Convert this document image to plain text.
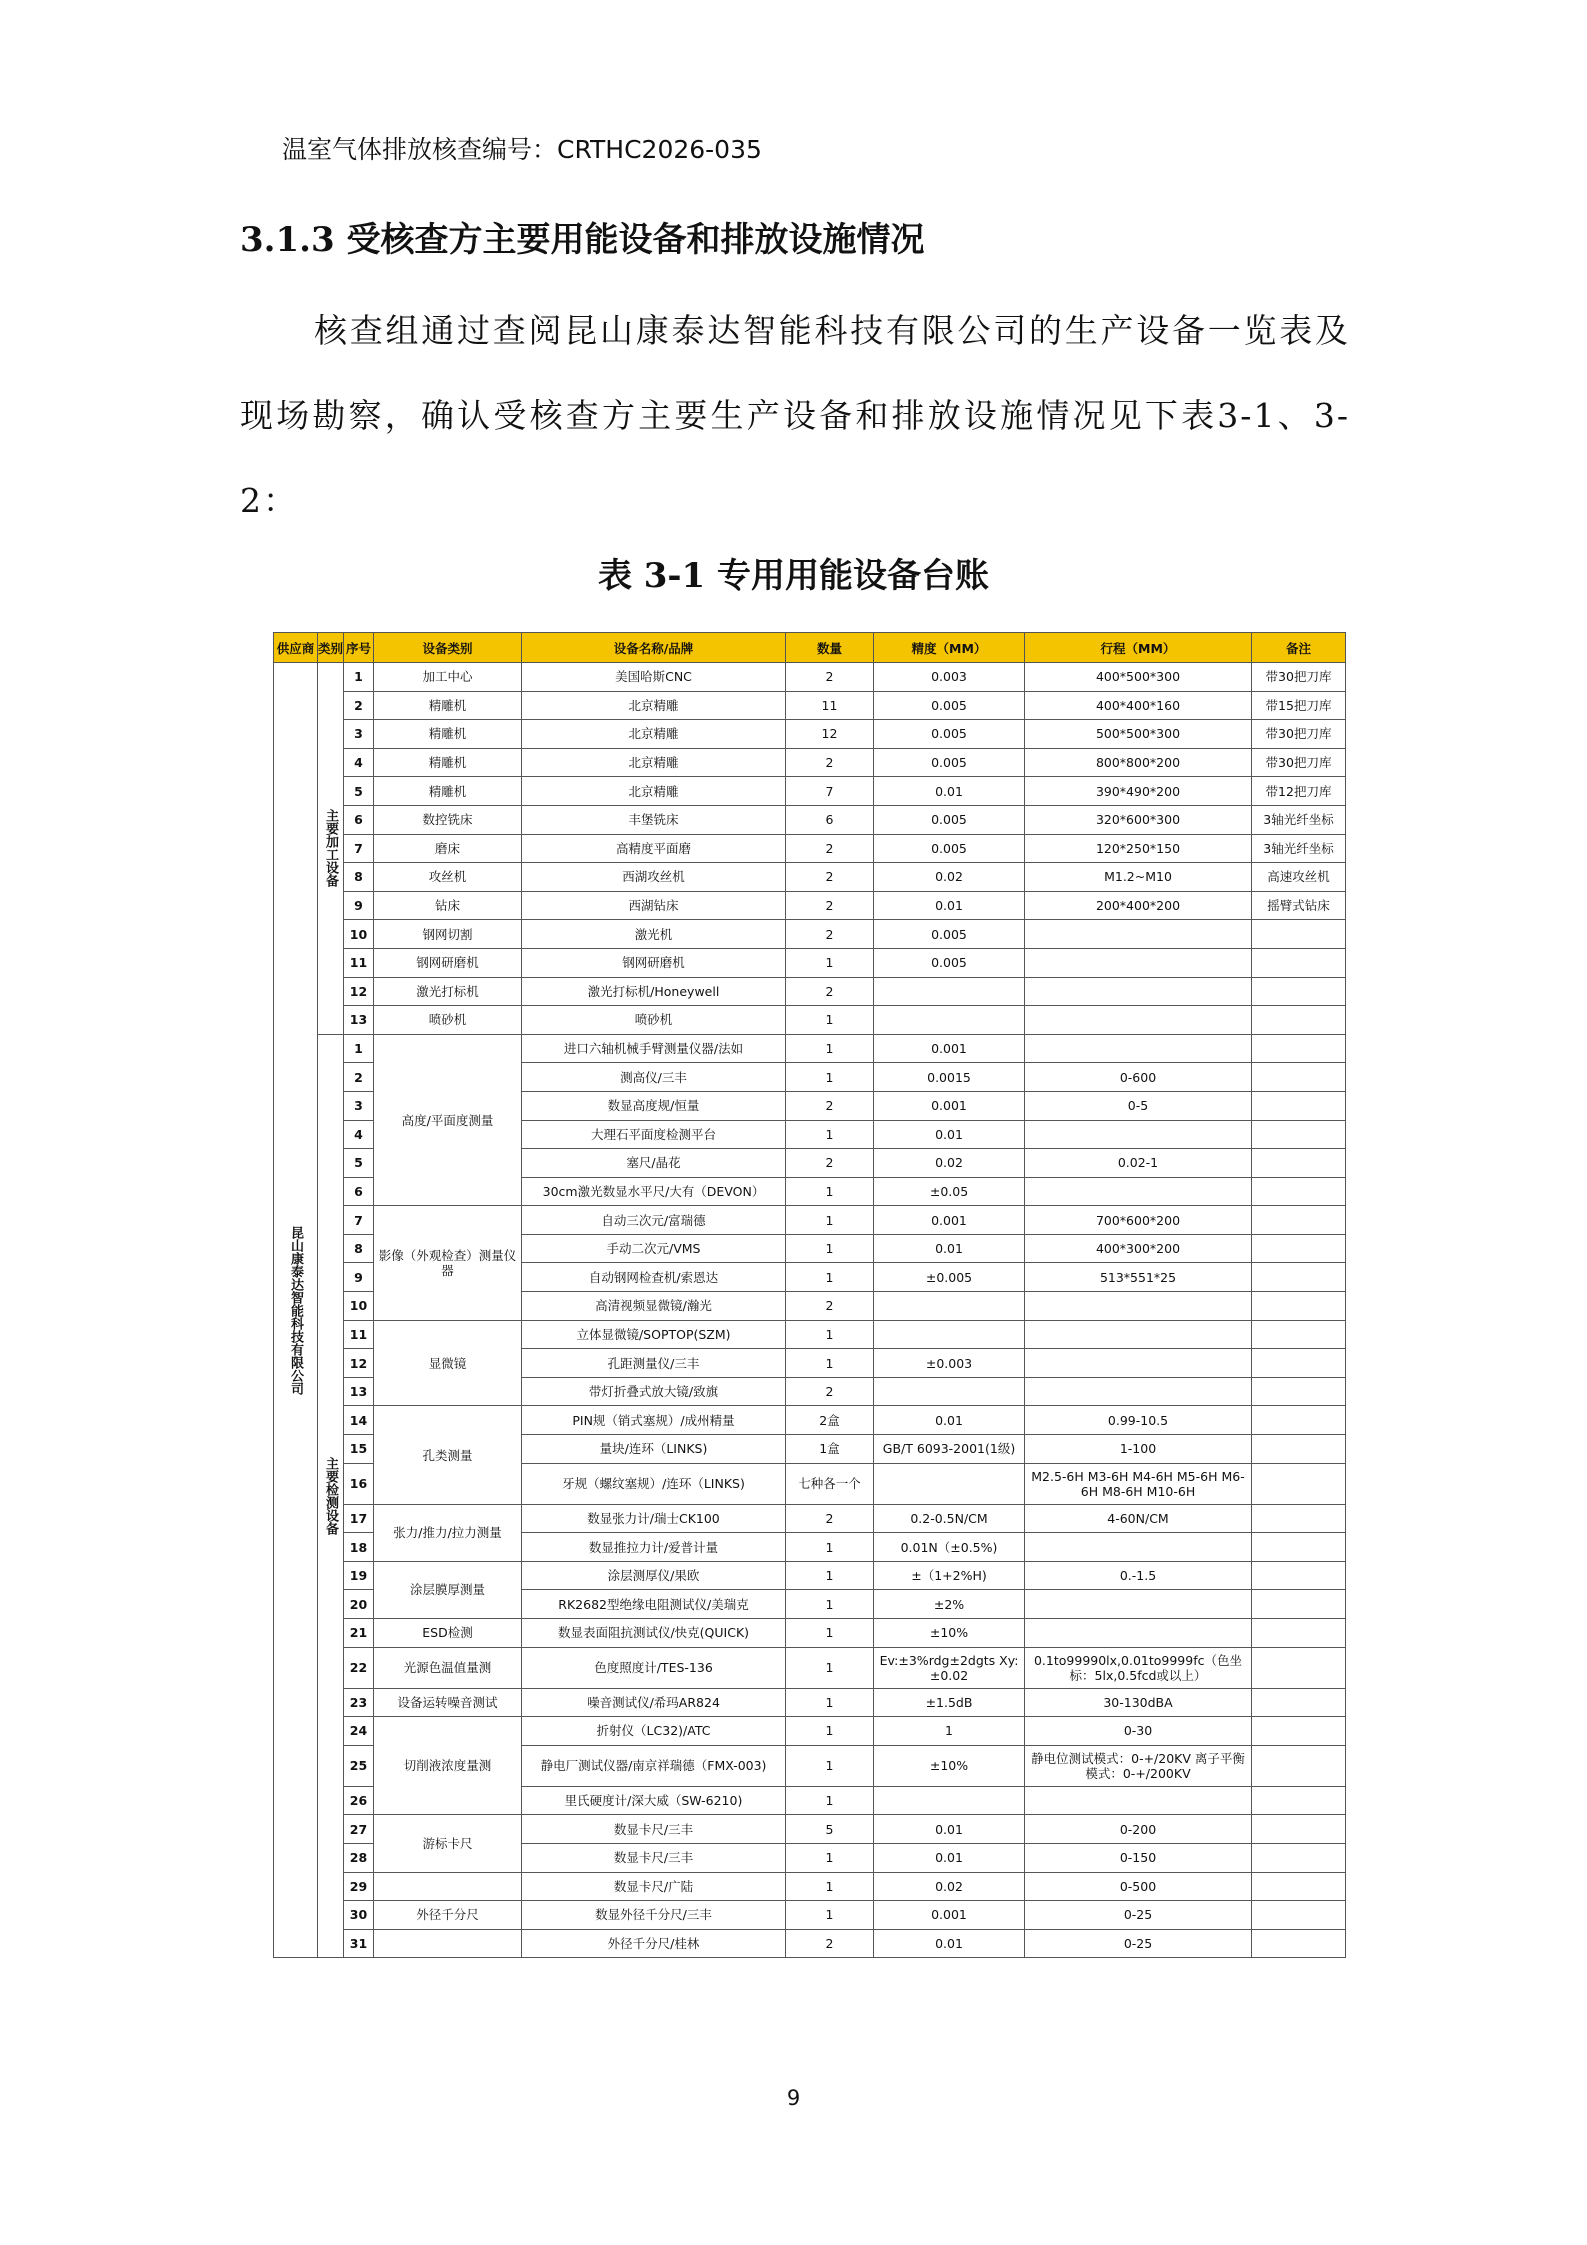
温室气体排放核查编号：CRTHC2026-035
3.1.3 受核查方主要用能设备和排放设施情况

核查组通过查阅昆山康泰达智能科技有限公司的生产设备一览表及现场勘察，确认受核查方主要生产设备和排放设施情况见下表3-1、3-2：

表 3-1 专用用能设备台账
供应商	类别	序号	设备类别	设备名称/品牌	数量	精度（MM）	行程（MM）	备注
昆山康泰达智能科技有限公司	主要加工设备	1	加工中心	美国哈斯CNC	2	0.003	400*500*300	带30把刀库
		2	精雕机	北京精雕	11	0.005	400*400*160	带15把刀库
		3	精雕机	北京精雕	12	0.005	500*500*300	带30把刀库
		4	精雕机	北京精雕	2	0.005	800*800*200	带30把刀库
		5	精雕机	北京精雕	7	0.01	390*490*200	带12把刀库
		6	数控铣床	丰堡铣床	6	0.005	320*600*300	3轴光纤坐标
		7	磨床	高精度平面磨	2	0.005	120*250*150	3轴光纤坐标
		8	攻丝机	西湖攻丝机	2	0.02	M1.2~M10	高速攻丝机
		9	钻床	西湖钻床	2	0.01	200*400*200	摇臂式钻床
		10	钢网切割	激光机	2	0.005		
		11	钢网研磨机	钢网研磨机	1	0.005		
		12	激光打标机	激光打标机/Honeywell	2			
		13	喷砂机	喷砂机	1			
	主要检测设备	1	高度/平面度测量	进口六轴机械手臂测量仪器/法如	1	0.001		
		2		测高仪/三丰	1	0.0015	0-600	
		3		数显高度规/恒量	2	0.001	0-5	
		4		大理石平面度检测平台	1	0.01		
		5		塞尺/晶花	2	0.02	0.02-1	
		6		30cm激光数显水平尺/大有（DEVON）	1	±0.05		
		7	影像（外观检查）测量仪器	自动三次元/富瑞德	1	0.001	700*600*200	
		8		手动二次元/VMS	1	0.01	400*300*200	
		9		自动钢网检查机/索恩达	1	±0.005	513*551*25	
		10		高清视频显微镜/瀚光	2			
		11	显微镜	立体显微镜/SOPTOP(SZM)	1			
		12		孔距测量仪/三丰	1	±0.003		
		13		带灯折叠式放大镜/致旗	2			
		14	孔类测量	PIN规（销式塞规）/成州精量	2盒	0.01	0.99-10.5	
		15		量块/连环（LINKS)	1盒	GB/T 6093-2001(1级)	1-100	
		16		牙规（螺纹塞规）/连环（LINKS)	七种各一个		M2.5-6H M3-6H M4-6H M5-6H M6-6H M8-6H M10-6H	
		17	张力/推力/拉力测量	数显张力计/瑞士CK100	2	0.2-0.5N/CM	4-60N/CM	
		18		数显推拉力计/爱普计量	1	0.01N（±0.5%)		
		19	涂层膜厚测量	涂层测厚仪/果欧	1	±（1+2%H)	0.-1.5	
		20		RK2682型绝缘电阻测试仪/美瑞克	1	±2%		
		21	ESD检测	数显表面阻抗测试仪/快克(QUICK)	1	±10%		
		22	光源色温值量测	色度照度计/TES-136	1	Ev:±3%rdg±2dgts Xy:±0.02	0.1to99990lx,0.01to9999fc（色坐标：5lx,0.5fcd或以上）	
		23	设备运转噪音测试	噪音测试仪/希玛AR824	1	±1.5dB	30-130dBA	
		24	切削液浓度量测	折射仪（LC32)/ATC	1	1	0-30	
		25		静电厂测试仪器/南京祥瑞德（FMX-003)	1	±10%	静电位测试模式：0-+/20KV 离子平衡模式：0-+/200KV	
		26		里氏硬度计/深大威（SW-6210)	1			
		27	游标卡尺	数显卡尺/三丰	5	0.01	0-200	
		28		数显卡尺/三丰	1	0.01	0-150	
		29		数显卡尺/广陆	1	0.02	0-500	
		30	外径千分尺	数显外径千分尺/三丰	1	0.001	0-25	
		31		外径千分尺/桂林	2	0.01	0-25	
9
